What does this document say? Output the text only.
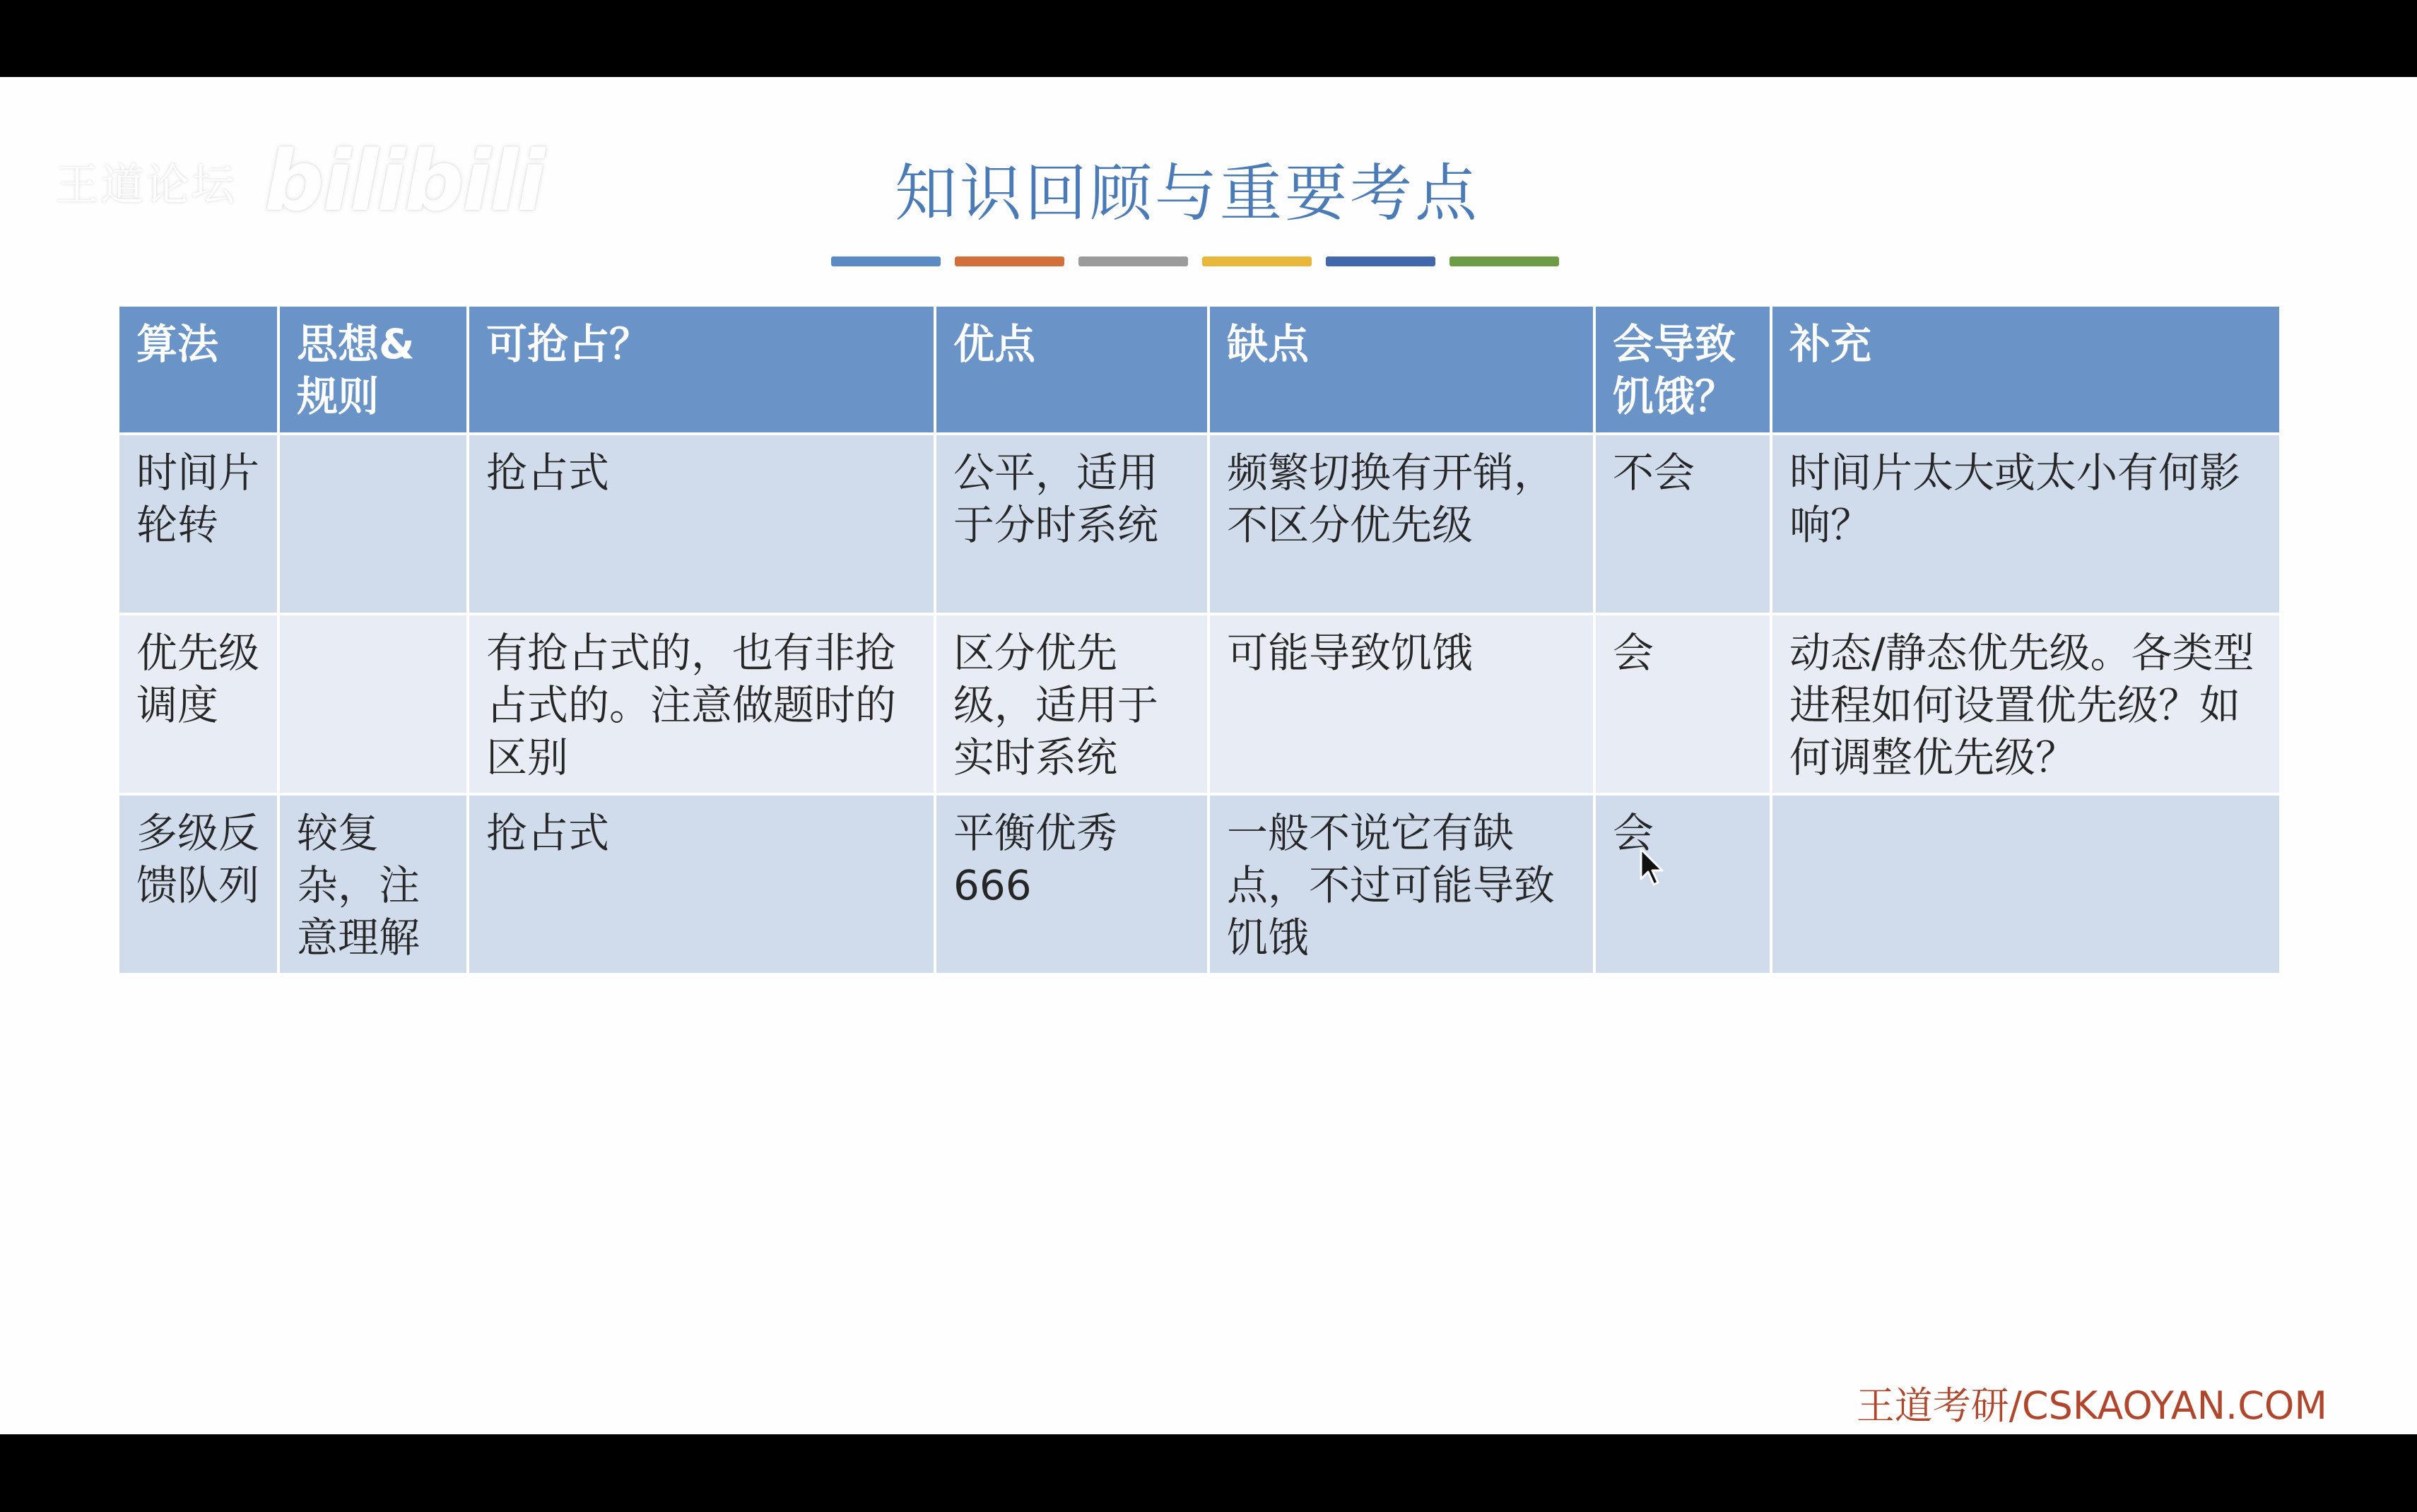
王道论坛 bilibili	知识回顾与重要考点
算法	思想&规则	可抢占？	优点	缺点	会导致饥饿？	补充
时间片轮转		抢占式	公平，适用于分时系统	频繁切换有开销，不区分优先级	不会	时间片太大或太小有何影响？
优先级调度		有抢占式的，也有非抢占式的。注意做题时的区别	区分优先级，适用于实时系统	可能导致饥饿	会	动态/静态优先级。各类型进程如何设置优先级？如何调整优先级？
多级反馈队列	较复杂，注意理解	抢占式	平衡优秀666	一般不说它有缺点，不过可能导致饥饿	会	
王道考研/CSKAOYAN.COM
